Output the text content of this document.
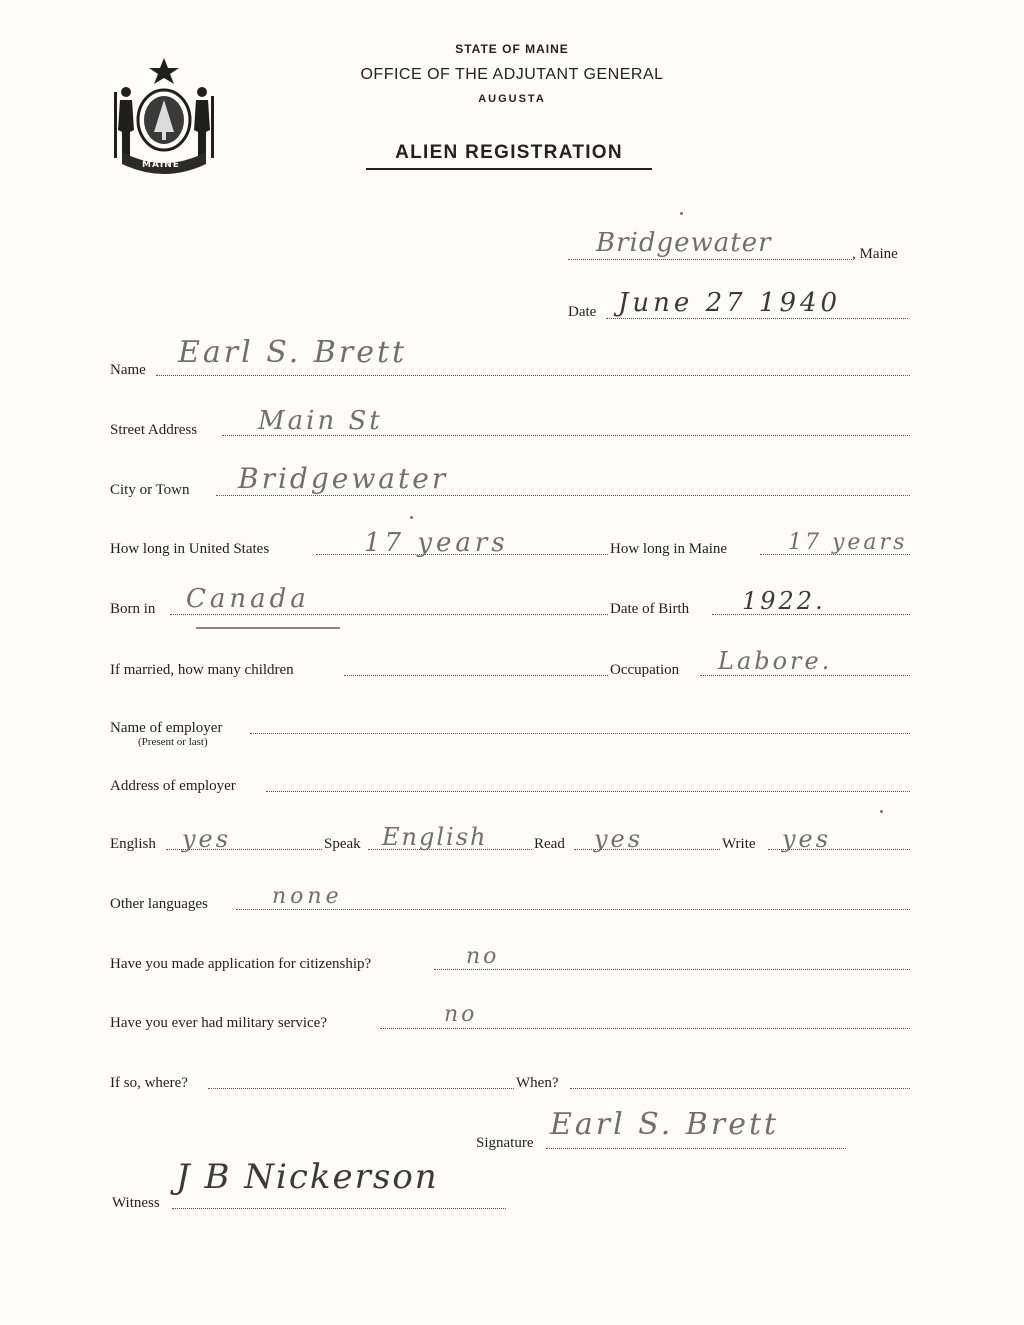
MAINE
STATE OF MAINE
OFFICE OF THE ADJUTANT GENERAL
AUGUSTA
ALIEN REGISTRATION
, Maine
Bridgewater
Date June 27 1940
Name Earl S. Brett
Street Address Main St
City or Town Bridgewater
How long in United States	17 years	How long in Maine	17 years
Born in Canada	Date of Birth 1922.
If married, how many children	Occupation Labore.
Name of employer
(Present or last)
Address of employer
English yes	Speak English	Read yes	Write yes
Other languages	none
Have you made application for citizenship?	no
Have you ever had military service?	no
If so, where?	When?
Signature
Earl S. Brett
Witness
J B Nickerson
